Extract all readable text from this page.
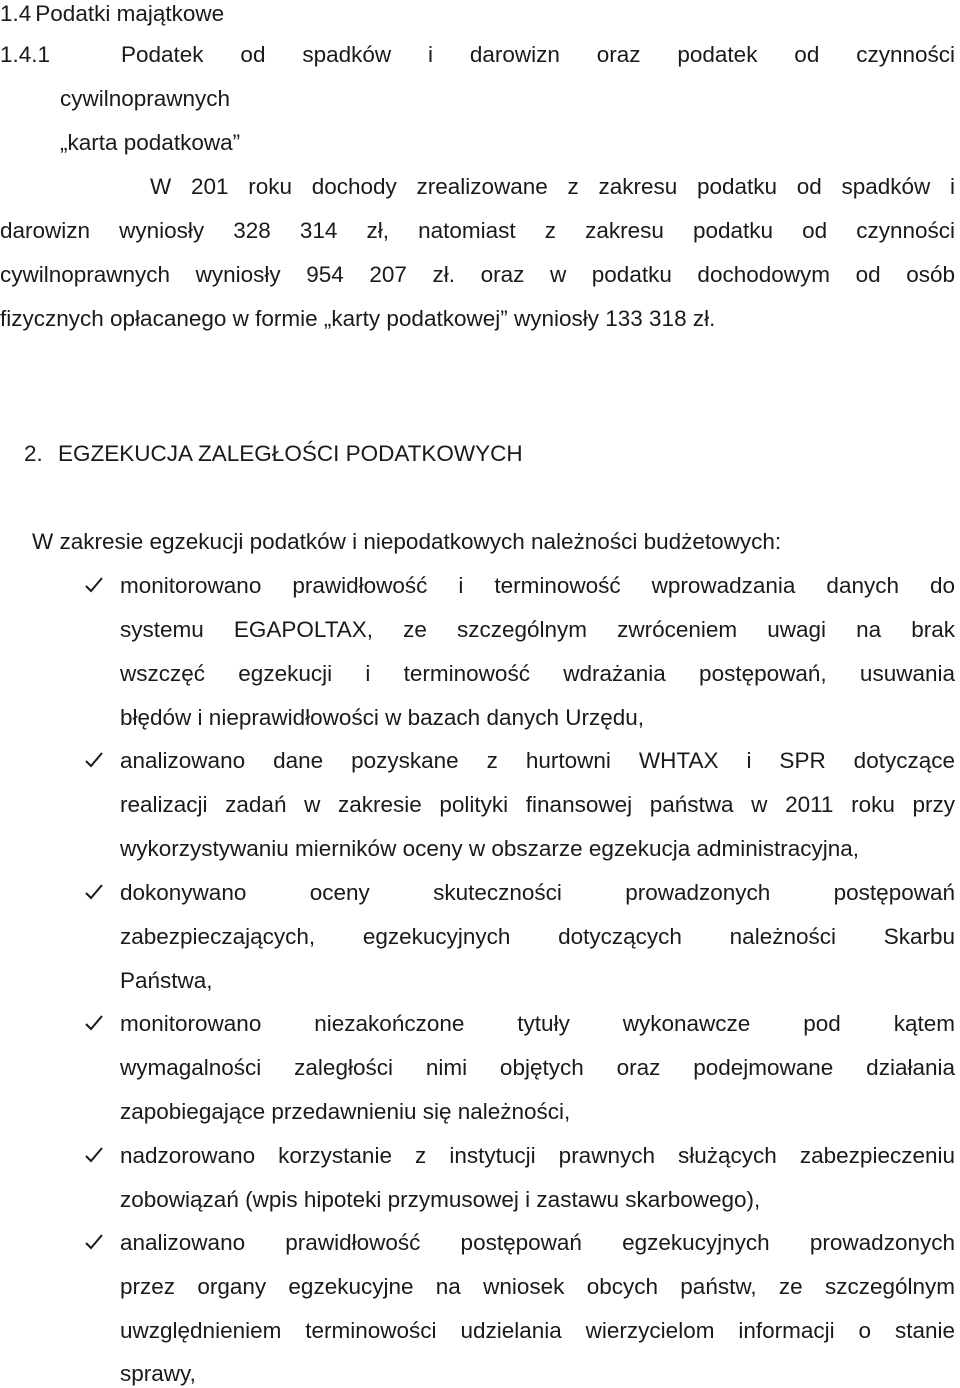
1.4 Podatki majątkowe
1.4.1	Podatek od spadków i darowizn oraz podatek od czynności
cywilnoprawnych
„karta podatkowa”
W 201 roku dochody zrealizowane z zakresu podatku od spadków i
darowizn wyniosły 328 314 zł, natomiast z zakresu podatku od czynności
cywilnoprawnych wyniosły 954 207 zł. oraz w podatku dochodowym od osób
fizycznych opłacanego w formie „karty podatkowej” wyniosły 133 318 zł.
2. EGZEKUCJA ZALEGŁOŚCI PODATKOWYCH
W zakresie egzekucji podatków i niepodatkowych należności budżetowych:
monitorowano prawidłowość i terminowość wprowadzania danych do
systemu EGAPOLTAX, ze szczególnym zwróceniem uwagi na brak
wszczęć egzekucji i terminowość wdrażania postępowań, usuwania
błędów i nieprawidłowości w bazach danych Urzędu,
analizowano dane pozyskane z hurtowni WHTAX i SPR dotyczące
realizacji zadań w zakresie polityki finansowej państwa w 2011 roku przy
wykorzystywaniu mierników oceny w obszarze egzekucja administracyjna,
dokonywano oceny skuteczności prowadzonych postępowań
zabezpieczających, egzekucyjnych dotyczących należności Skarbu
Państwa,
monitorowano niezakończone tytuły wykonawcze pod kątem
wymagalności zaległości nimi objętych oraz podejmowane działania
zapobiegające przedawnieniu się należności,
nadzorowano korzystanie z instytucji prawnych służących zabezpieczeniu
zobowiązań (wpis hipoteki przymusowej i zastawu skarbowego),
analizowano prawidłowość postępowań egzekucyjnych prowadzonych
przez organy egzekucyjne na wniosek obcych państw, ze szczególnym
uwzględnieniem terminowości udzielania wierzycielom informacji o stanie
sprawy,
